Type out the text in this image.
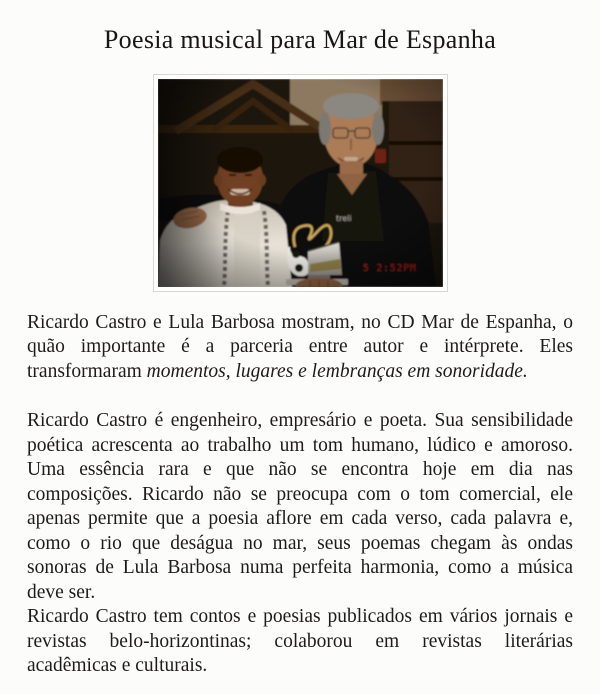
Poesia musical para Mar de Espanha

Ricardo Castro e Lula Barbosa mostram, no CD Mar de Espanha, o quão importante é a parceria entre autor e intérprete. Eles transformaram momentos, lugares e lembranças em sonoridade.

Ricardo Castro é engenheiro, empresário e poeta. Sua sensibilidade poética acrescenta ao trabalho um tom humano, lúdico e amoroso. Uma essência rara e que não se encontra hoje em dia nas composições. Ricardo não se preocupa com o tom comercial, ele apenas permite que a poesia aflore em cada verso, cada palavra e, como o rio que deságua no mar, seus poemas chegam às ondas sonoras de Lula Barbosa numa perfeita harmonia, como a música deve ser.

Ricardo Castro tem contos e poesias publicados em vários jornais e revistas belo-horizontinas; colaborou em revistas literárias acadêmicas e culturais.
